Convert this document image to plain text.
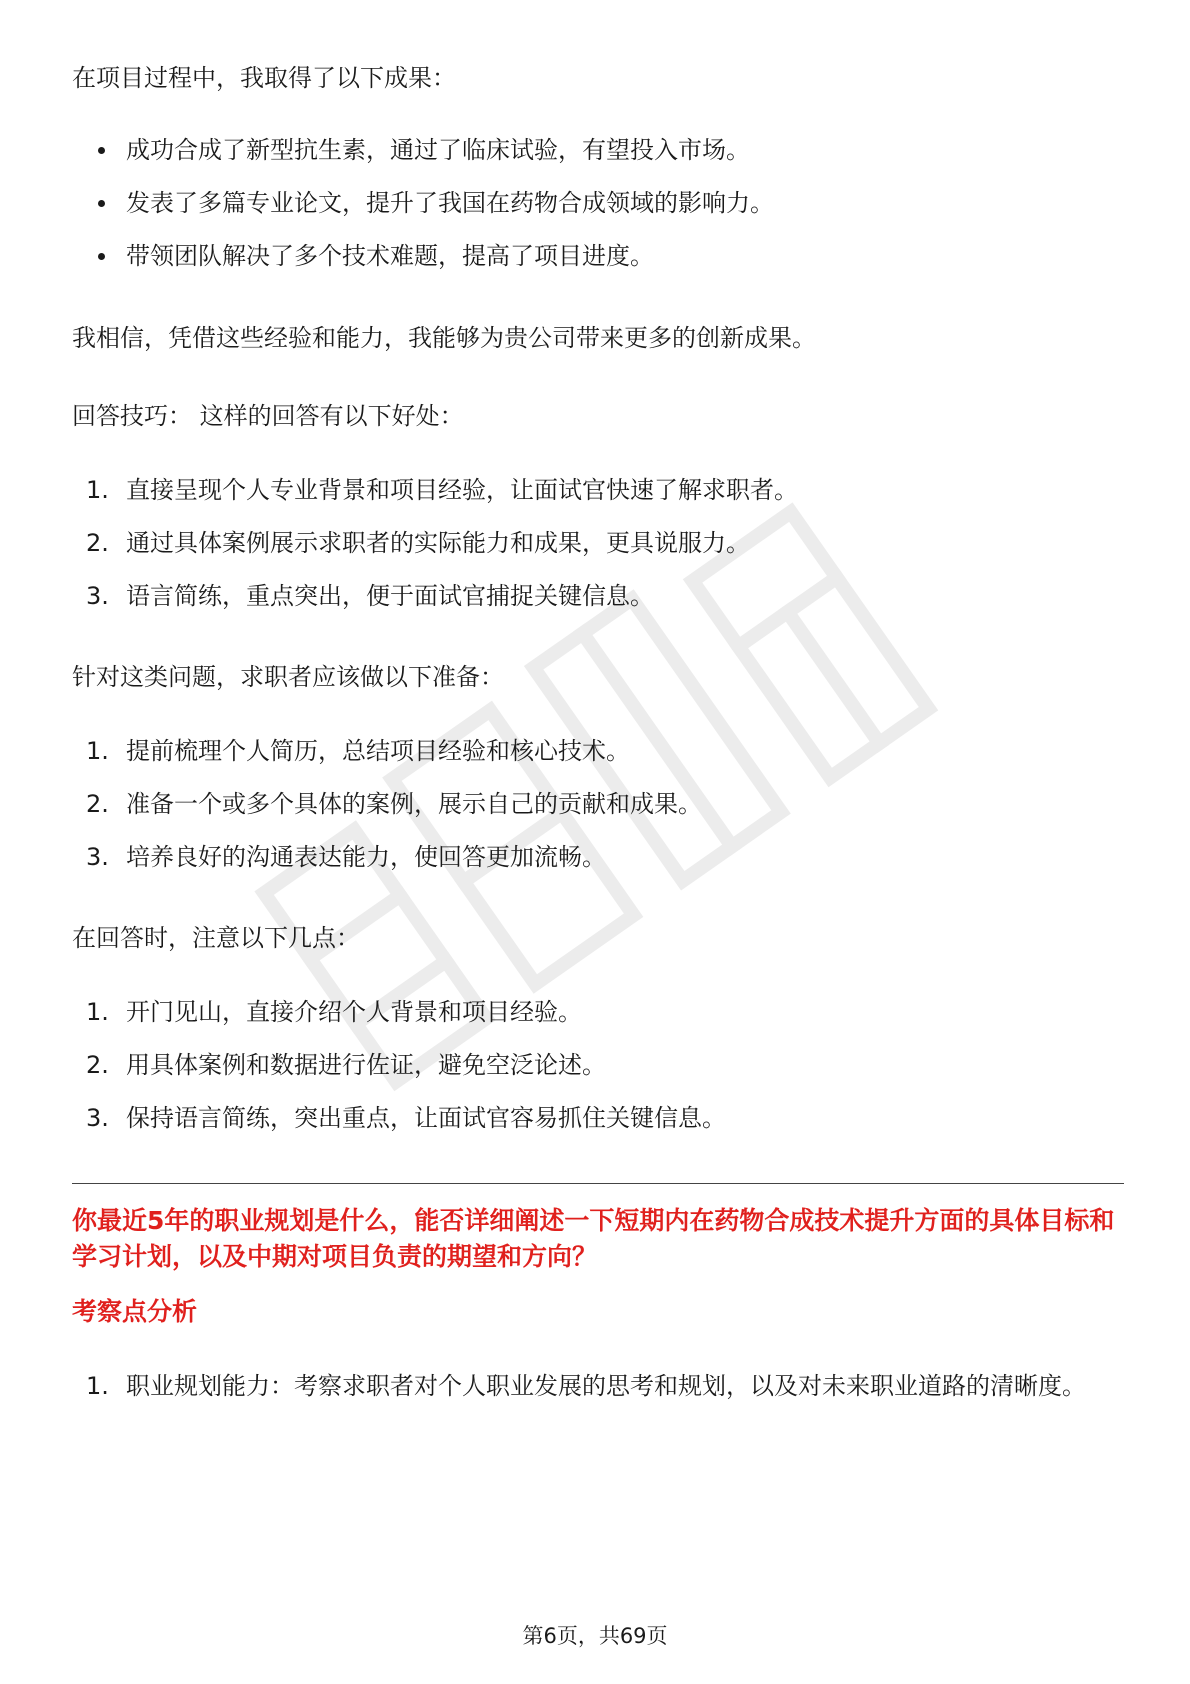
在项目过程中，我取得了以下成果：

成功合成了新型抗生素，通过了临床试验，有望投入市场。
发表了多篇专业论文，提升了我国在药物合成领域的影响力。
带领团队解决了多个技术难题，提高了项目进度。

我相信，凭借这些经验和能力，我能够为贵公司带来更多的创新成果。

回答技巧： 这样的回答有以下好处：

1. 直接呈现个人专业背景和项目经验，让面试官快速了解求职者。
2. 通过具体案例展示求职者的实际能力和成果，更具说服力。
3. 语言简练，重点突出，便于面试官捕捉关键信息。

针对这类问题，求职者应该做以下准备：

1. 提前梳理个人简历，总结项目经验和核心技术。
2. 准备一个或多个具体的案例，展示自己的贡献和成果。
3. 培养良好的沟通表达能力，使回答更加流畅。

在回答时，注意以下几点：

1. 开门见山，直接介绍个人背景和项目经验。
2. 用具体案例和数据进行佐证，避免空泛论述。
3. 保持语言简练，突出重点，让面试官容易抓住关键信息。

你最近5年的职业规划是什么，能否详细阐述一下短期内在药物合成技术提升方面的具体目标和学习计划，以及中期对项目负责的期望和方向？

考察点分析

1. 职业规划能力：考察求职者对个人职业发展的思考和规划，以及对未来职业道路的清晰度。
第6页，共69页
